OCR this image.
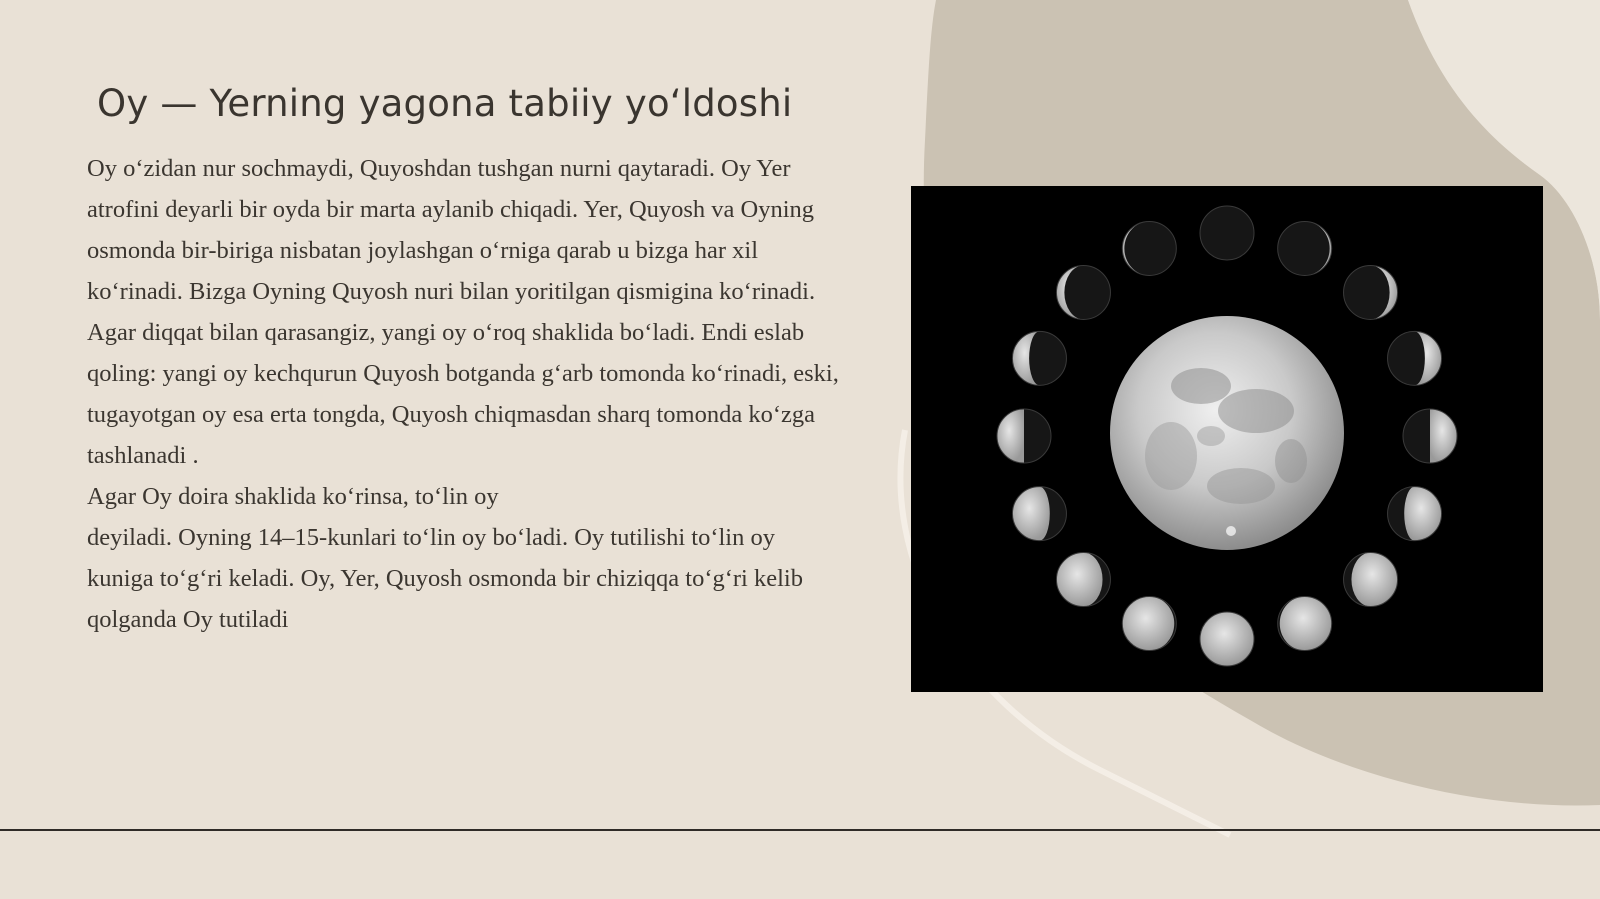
Oy — Yerning yagona tabiiy yo‘ldoshi

Oy o‘zidan nur sochmaydi, Quyoshdan tushgan nurni qaytaradi. Oy Yer atrofini deyarli bir oyda bir marta aylanib chiqadi. Yer, Quyosh va Oyning osmonda bir-biriga nisbatan joylashgan o‘rniga qarab u bizga har xil ko‘rinadi. Bizga Oyning Quyosh nuri bilan yoritilgan qismigina ko‘rinadi. Agar diqqat bilan qarasangiz, yangi oy o‘roq shaklida bo‘ladi. Endi eslab qoling: yangi oy kechqurun Quyosh botganda g‘arb tomonda ko‘rinadi, eski, tugayotgan oy esa erta tongda, Quyosh chiqmasdan sharq tomonda ko‘zga tashlanadi .

Agar Oy doira shaklida ko‘rinsa, to‘lin oy

deyiladi. Oyning 14–15-kunlari to‘lin oy bo‘ladi. Oy tutilishi to‘lin oy kuniga to‘g‘ri keladi. Oy, Yer, Quyosh osmonda bir chiziqqa to‘g‘ri kelib qolganda Oy tutiladi
